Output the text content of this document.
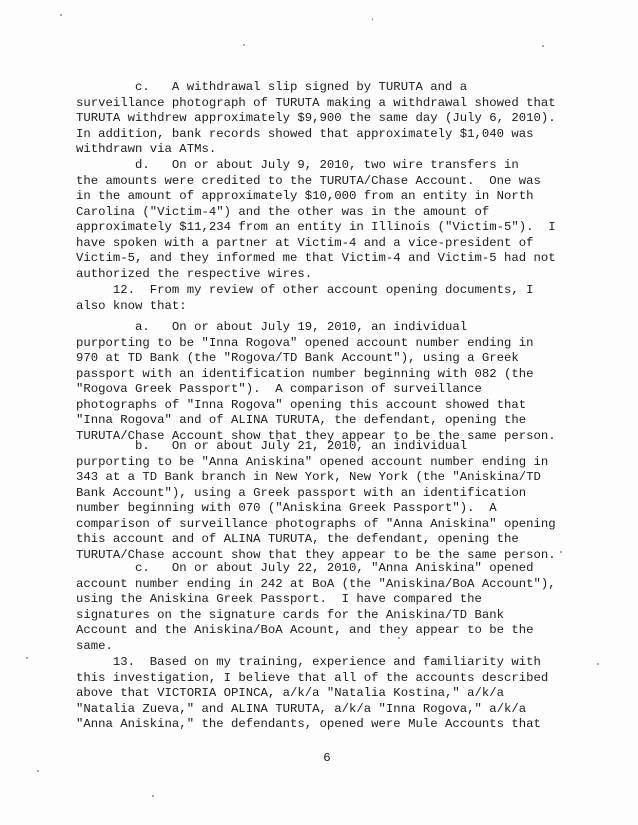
c.   A withdrawal slip signed by TURUTA and a
surveillance photograph of TURUTA making a withdrawal showed that
TURUTA withdrew approximately $9,900 the same day (July 6, 2010).
In addition, bank records showed that approximately $1,040 was
withdrawn via ATMs.
d.   On or about July 9, 2010, two wire transfers in
the amounts were credited to the TURUTA/Chase Account.  One was
in the amount of approximately $10,000 from an entity in North
Carolina ("Victim-4") and the other was in the amount of
approximately $11,234 from an entity in Illinois ("Victim-5").  I
have spoken with a partner at Victim-4 and a vice-president of
Victim-5, and they informed me that Victim-4 and Victim-5 had not
authorized the respective wires.
12.  From my review of other account opening documents, I
also know that:
a.   On or about July 19, 2010, an individual
purporting to be "Inna Rogova" opened account number ending in
970 at TD Bank (the "Rogova/TD Bank Account"), using a Greek
passport with an identification number beginning with 082 (the
"Rogova Greek Passport").  A comparison of surveillance
photographs of "Inna Rogova" opening this account showed that
"Inna Rogova" and of ALINA TURUTA, the defendant, opening the
TURUTA/Chase Account show that they appear to be the same person.
b.   On or about July 21, 2010, an individual
purporting to be "Anna Aniskina" opened account number ending in
343 at a TD Bank branch in New York, New York (the "Aniskina/TD
Bank Account"), using a Greek passport with an identification
number beginning with 070 ("Aniskina Greek Passport").  A
comparison of surveillance photographs of "Anna Aniskina" opening
this account and of ALINA TURUTA, the defendant, opening the
TURUTA/Chase account show that they appear to be the same person.
c.   On or about July 22, 2010, "Anna Aniskina" opened
account number ending in 242 at BoA (the "Aniskina/BoA Account"),
using the Aniskina Greek Passport.  I have compared the
signatures on the signature cards for the Aniskina/TD Bank
Account and the Aniskina/BoA Acount, and they appear to be the
same.
13.  Based on my training, experience and familiarity with
this investigation, I believe that all of the accounts described
above that VICTORIA OPINCA, a/k/a "Natalia Kostina," a/k/a
"Natalia Zueva," and ALINA TURUTA, a/k/a "Inna Rogova," a/k/a
"Anna Aniskina," the defendants, opened were Mule Accounts that
6
